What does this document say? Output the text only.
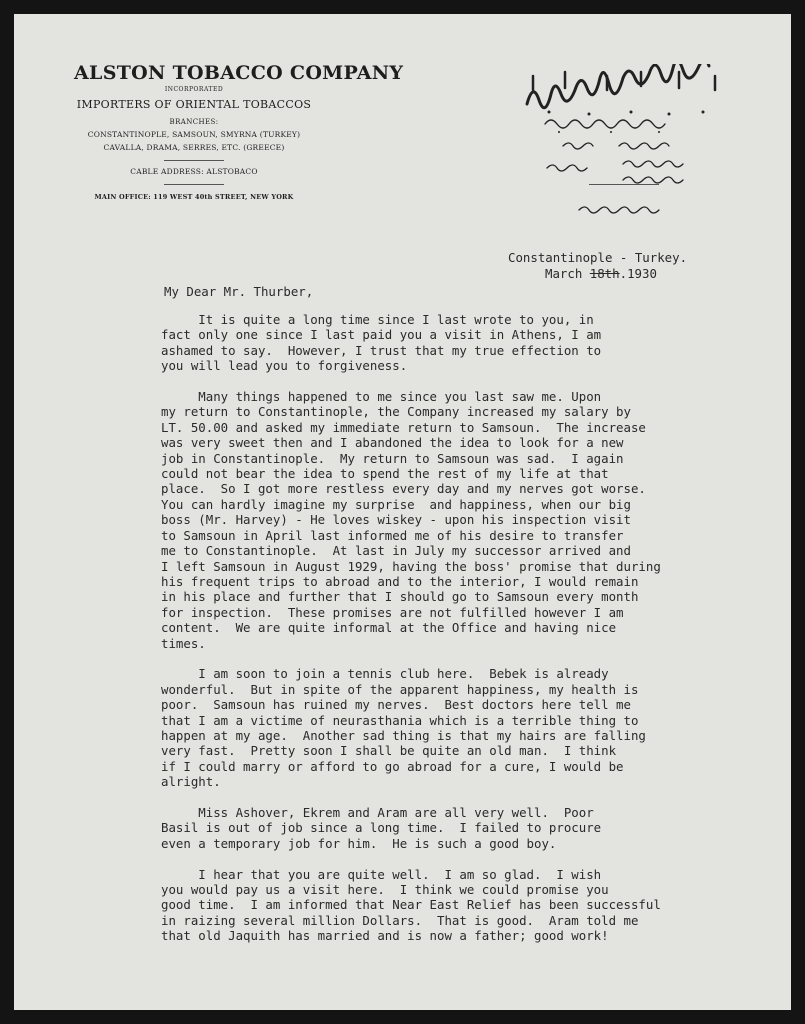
ALSTON TOBACCO COMPANY
INCORPORATED
IMPORTERS OF ORIENTAL TOBACCOS
BRANCHES:
CONSTANTINOPLE, SAMSOUN, SMYRNA (TURKEY)
CAVALLA, DRAMA, SERRES, ETC. (GREECE)
CABLE ADDRESS: ALSTOBACO
MAIN OFFICE: 119 WEST 40th STREET, NEW YORK
Constantinople - Turkey.
March 18th.1930
My Dear Mr. Thurber,
It is quite a long time since I last wrote to you, in
fact only one since I last paid you a visit in Athens, I am
ashamed to say.  However, I trust that my true effection to
you will lead you to forgiveness.

Many things happened to me since you last saw me. Upon
my return to Constantinople, the Company increased my salary by
LT. 50.00 and asked my immediate return to Samsoun.  The increase
was very sweet then and I abandoned the idea to look for a new
job in Constantinople.  My return to Samsoun was sad.  I again
could not bear the idea to spend the rest of my life at that
place.  So I got more restless every day and my nerves got worse.
You can hardly imagine my surprise  and happiness, when our big
boss (Mr. Harvey) - He loves wiskey - upon his inspection visit
to Samsoun in April last informed me of his desire to transfer
me to Constantinople.  At last in July my successor arrived and
I left Samsoun in August 1929, having the boss' promise that during
his frequent trips to abroad and to the interior, I would remain
in his place and further that I should go to Samsoun every month
for inspection.  These promises are not fulfilled however I am
content.  We are quite informal at the Office and having nice
times.

I am soon to join a tennis club here.  Bebek is already
wonderful.  But in spite of the apparent happiness, my health is
poor.  Samsoun has ruined my nerves.  Best doctors here tell me
that I am a victime of neurasthania which is a terrible thing to
happen at my age.  Another sad thing is that my hairs are falling
very fast.  Pretty soon I shall be quite an old man.  I think
if I could marry or afford to go abroad for a cure, I would be
alright.

Miss Ashover, Ekrem and Aram are all very well.  Poor
Basil is out of job since a long time.  I failed to procure
even a temporary job for him.  He is such a good boy.

I hear that you are quite well.  I am so glad.  I wish
you would pay us a visit here.  I think we could promise you
good time.  I am informed that Near East Relief has been successful
in raizing several million Dollars.  That is good.  Aram told me
that old Jaquith has married and is now a father; good work!
